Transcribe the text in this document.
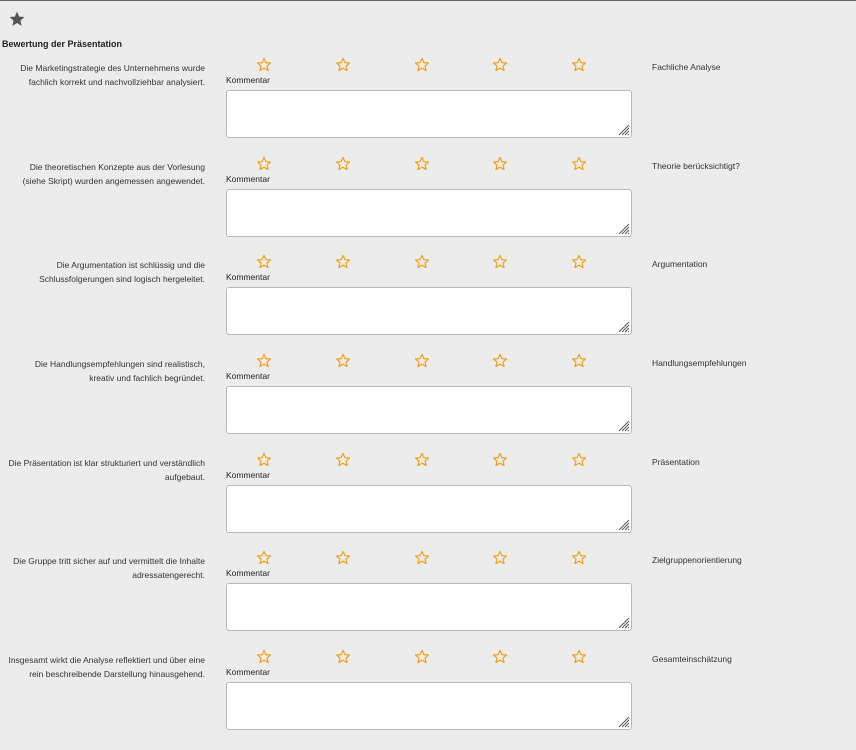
Bewertung der Präsentation
Die Marketingstrategie des Unternehmens wurde fachlich korrekt und nachvollziehbar analysiert.
Fachliche Analyse
Kommentar
Die theoretischen Konzepte aus der Vorlesung (siehe Skript) wurden angemessen angewendet.
Theorie berücksichtigt?
Kommentar
Die Argumentation ist schlüssig und die Schlussfolgerungen sind logisch hergeleitet.
Argumentation
Kommentar
Die Handlungsempfehlungen sind realistisch, kreativ und fachlich begründet.
Handlungsempfehlungen
Kommentar
Die Präsentation ist klar strukturiert und verständlich aufgebaut.
Präsentation
Kommentar
Die Gruppe tritt sicher auf und vermittelt die Inhalte adressatengerecht.
Zielgruppenorientierung
Kommentar
Insgesamt wirkt die Analyse reflektiert und über eine rein beschreibende Darstellung hinausgehend.
Gesamteinschätzung
Kommentar
